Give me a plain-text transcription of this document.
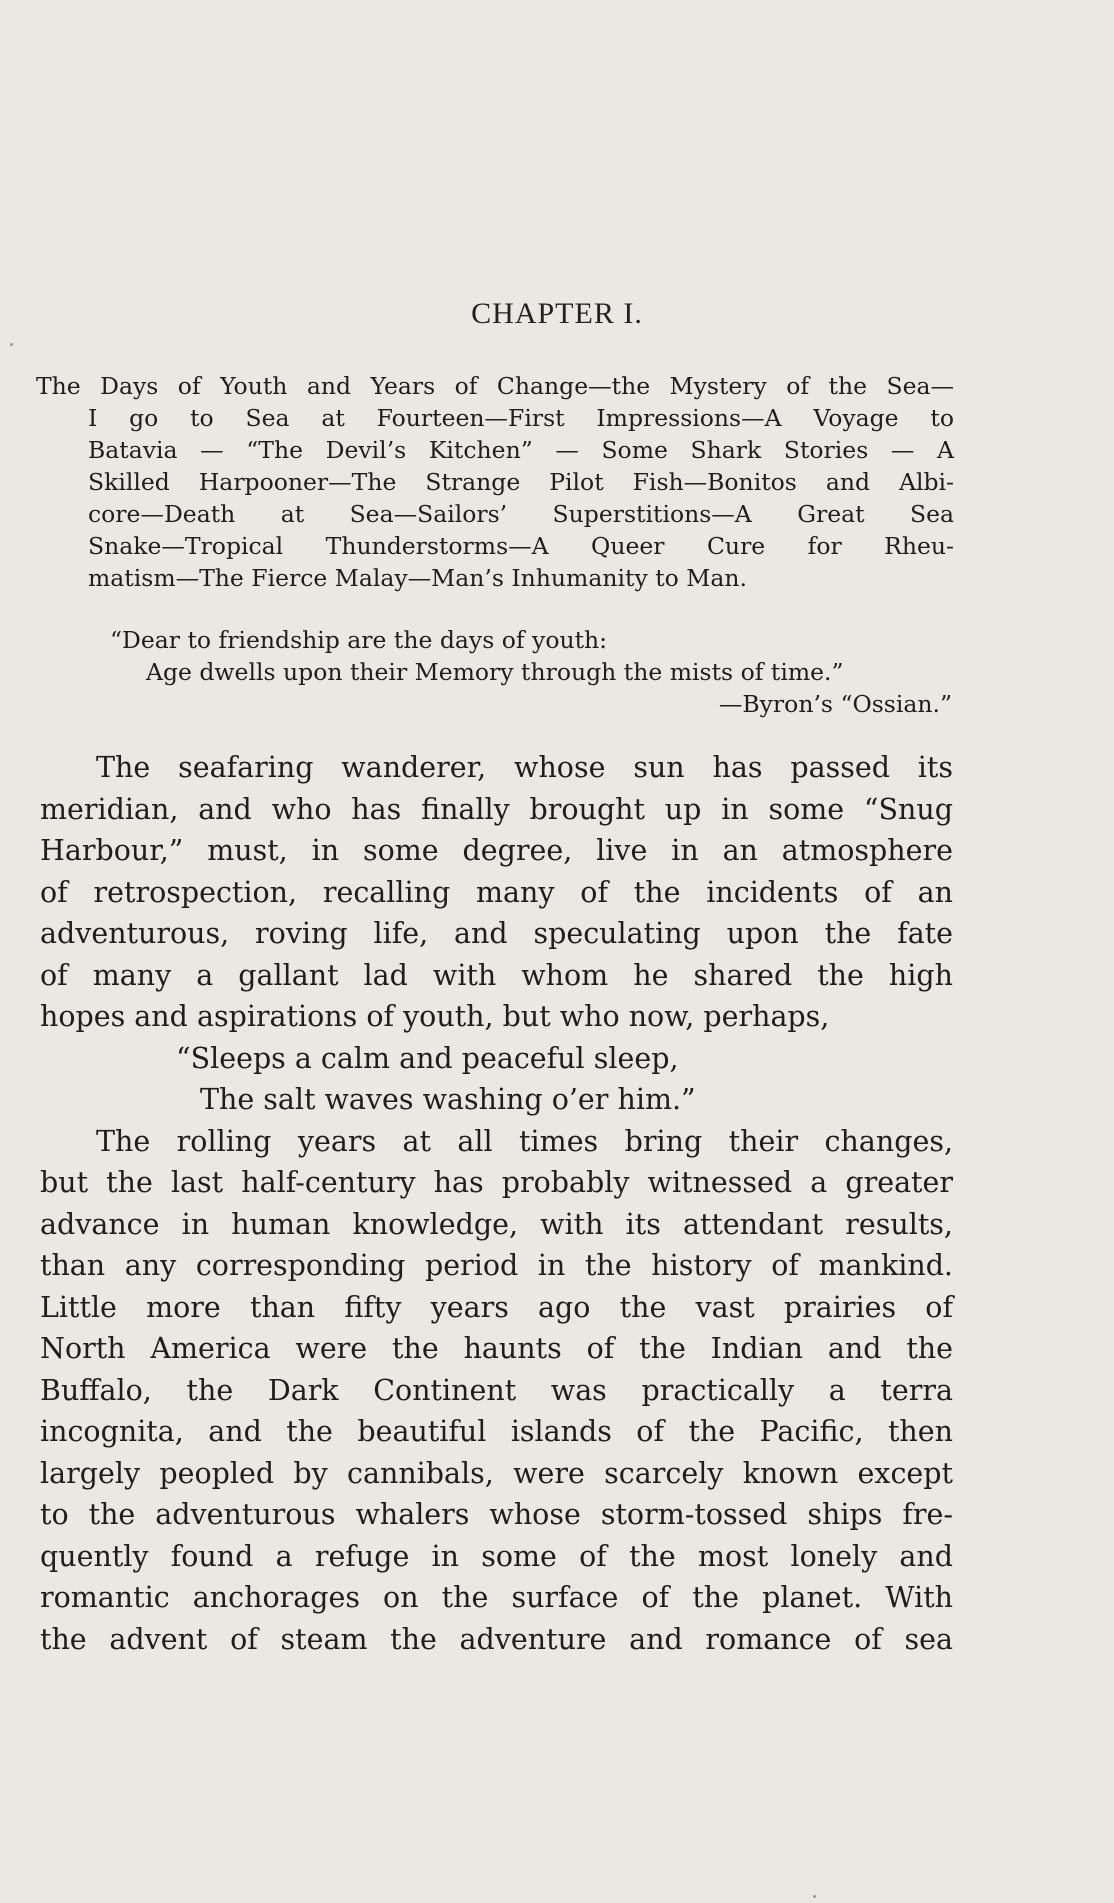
CHAPTER I.
The Days of Youth and Years of Change—the Mystery of the Sea—
I go to Sea at Fourteen—First Impressions—A Voyage to
Batavia — “The Devil’s Kitchen” — Some Shark Stories — A
Skilled Harpooner—The Strange Pilot Fish—Bonitos and Albi-
core—Death at Sea—Sailors’ Superstitions—A Great Sea
Snake—Tropical Thunderstorms—A Queer Cure for Rheu-
matism—The Fierce Malay—Man’s Inhumanity to Man.
“Dear to friendship are the days of youth:
Age dwells upon their Memory through the mists of time.”
—Byron’s “Ossian.”

The seafaring wanderer, whose sun has passed its
meridian, and who has finally brought up in some “Snug
Harbour,” must, in some degree, live in an atmosphere
of retrospection, recalling many of the incidents of an
adventurous, roving life, and speculating upon the fate
of many a gallant lad with whom he shared the high
hopes and aspirations of youth, but who now, perhaps,

“Sleeps a calm and peaceful sleep,
The salt waves washing o’er him.”

The rolling years at all times bring their changes,
but the last half-century has probably witnessed a greater
advance in human knowledge, with its attendant results,
than any corresponding period in the history of mankind.
Little more than fifty years ago the vast prairies of
North America were the haunts of the Indian and the
Buffalo, the Dark Continent was practically a terra
incognita, and the beautiful islands of the Pacific, then
largely peopled by cannibals, were scarcely known except
to the adventurous whalers whose storm-tossed ships fre-
quently found a refuge in some of the most lonely and
romantic anchorages on the surface of the planet. With
the advent of steam the adventure and romance of sea
